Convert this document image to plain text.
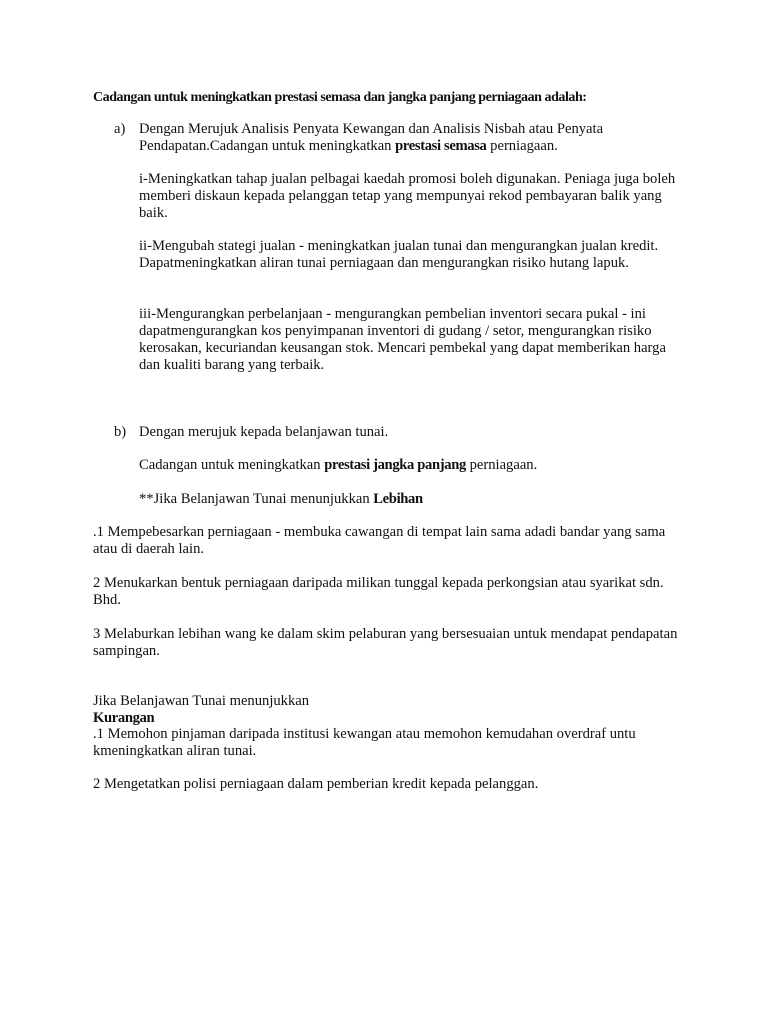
Cadangan untuk meningkatkan prestasi semasa dan jangka panjang perniagaan adalah:

a) Dengan Merujuk Analisis Penyata Kewangan dan Analisis Nisbah atau Penyata Pendapatan.Cadangan untuk meningkatkan prestasi semasa perniagaan.

i-Meningkatkan tahap jualan pelbagai kaedah promosi boleh digunakan. Peniaga juga boleh memberi diskaun kepada pelanggan tetap yang mempunyai rekod pembayaran balik yang baik.

ii-Mengubah stategi jualan - meningkatkan jualan tunai dan mengurangkan jualan kredit. Dapatmeningkatkan aliran tunai perniagaan dan mengurangkan risiko hutang lapuk.

iii-Mengurangkan perbelanjaan - mengurangkan pembelian inventori secara pukal - ini dapatmengurangkan kos penyimpanan inventori di gudang / setor, mengurangkan risiko kerosakan, kecuriandan keusangan stok. Mencari pembekal yang dapat memberikan harga dan kualiti barang yang terbaik.

b) Dengan merujuk kepada belanjawan tunai.

Cadangan untuk meningkatkan prestasi jangka panjang perniagaan.

**Jika Belanjawan Tunai menunjukkan Lebihan

.1 Mempebesarkan perniagaan - membuka cawangan di tempat lain sama adadi bandar yang sama atau di daerah lain.

2 Menukarkan bentuk perniagaan daripada milikan tunggal kepada perkongsian atau syarikat sdn. Bhd.

3 Melaburkan lebihan wang ke dalam skim pelaburan yang bersesuaian untuk mendapat pendapatan sampingan.

Jika Belanjawan Tunai menunjukkan

Kurangan

.1 Memohon pinjaman daripada institusi kewangan atau memohon kemudahan overdraf untu kmeningkatkan aliran tunai.

2 Mengetatkan polisi perniagaan dalam pemberian kredit kepada pelanggan.
